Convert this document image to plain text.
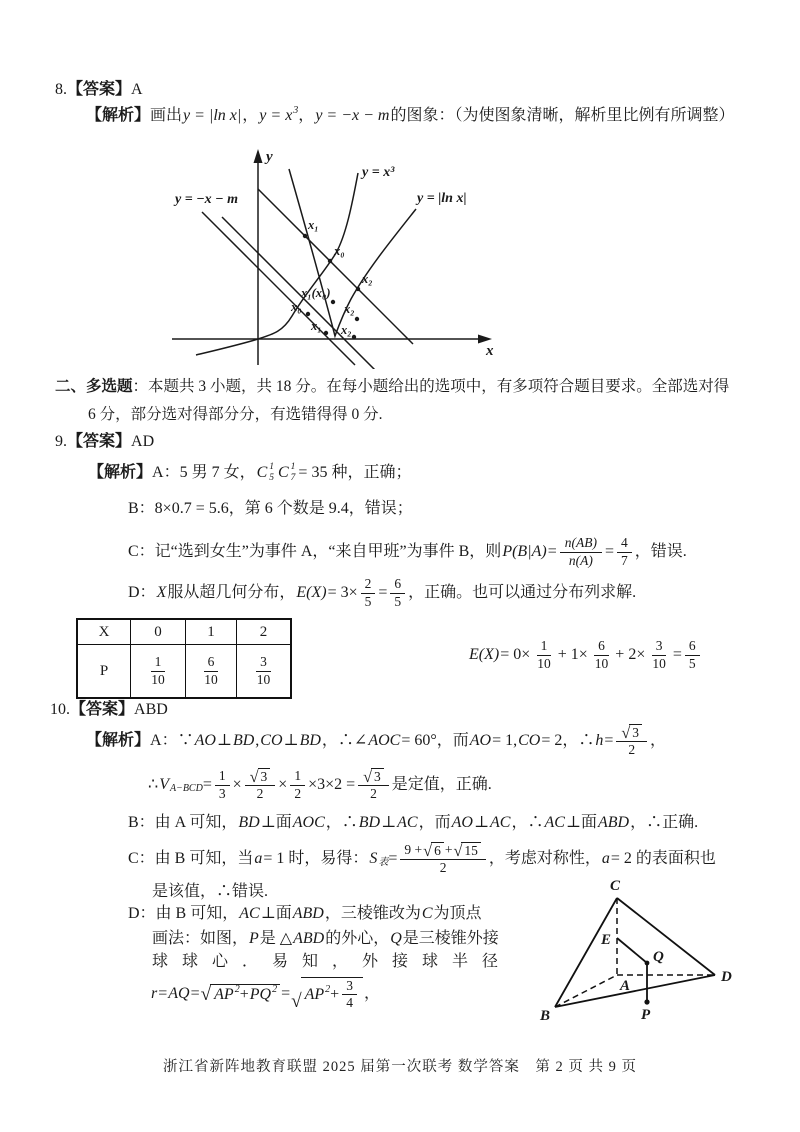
8. 【答案】 A
【解析】 画出 y = |ln x| ， y = x 3 ， y = −x − m 的图象：（为使图象清晰，解析里比例有所调整）
y
x
y = −x − m
y = x³
y = |ln x|
x₁
x₀
x₂
x₁(x₀)
x₀	x₂
x₁ x₂
二、多选题 ：本题共 3 小题，共 18 分。在每小题给出的选项中，有多项符合题目要求。全部选对得
6 分，部分选对得部分分，有选错得得 0 分.
9. 【答案】 AD
【解析】 A：5 男 7 女， C 1
5 C 1
7 = 35 种，正确；
B：8×0.7 = 5.6，第 6 个数是 9.4，错误；
C：记“选到女生”为事件 A，“来自甲班”为事件 B，则 $P(B|A) = \frac{n(AB)}{n(A)} = \frac{4}{7}$ ，错误.
D： X 服从超几何分布， $E(X) = 3\times \frac{2}{5} = \frac{6}{5}$ ，正确。也可以通过分布列求解.
X	0	1	2
P	$\frac{1}{10}$	$\frac{6}{10}$	$\frac{3}{10}$	$E(X) = 0\times \frac{1}{10} + 1\times \frac{6}{10} + 2\times \frac{3}{10} = \frac{6}{5}$
10. 【答案】 ABD
【解析】 A：∵ AO ⊥ BD , CO ⊥ BD ，∴∠ AOC = 60°，而 AO = 1, CO = 2，∴ $h = \frac{√ 3}{2}$ ，
∴ V $A-BCD = \frac{1}{3} \times \frac{√ 3}{2} \times \frac{1}{2} \times 3\times 2 = \frac{√ 3}{2}$ 是定值，正确.
B：由 A 可知， BD ⊥面 AOC ，∴ BD ⊥ AC ，而 AO ⊥ AC ，∴ AC ⊥面 ABD ，∴正确.
C：由 B 可知，当 a = 1 时，易得： S 表 = $\frac{9 + √ 6 + √ 15}{2}$ ，考虑对称性， a = 2 的表面积也
是该值，∴错误.
D：由 B 可知， AC ⊥面 ABD ，三棱锥改为 C 为顶点
画法：如图， P 是 △ ABD 的外心， Q 是三棱锥外接
球 球 心 ． 易 知 ， 外 接 球 半 径
r = AQ = √ AP 2 + PQ 2 = √ AP $2 + \frac{3}{4}$ ，
C
E
Q
A
D
B	P
浙江省新阵地教育联盟 2025 届第一次联考 数学答案　第 2 页 共 9 页
